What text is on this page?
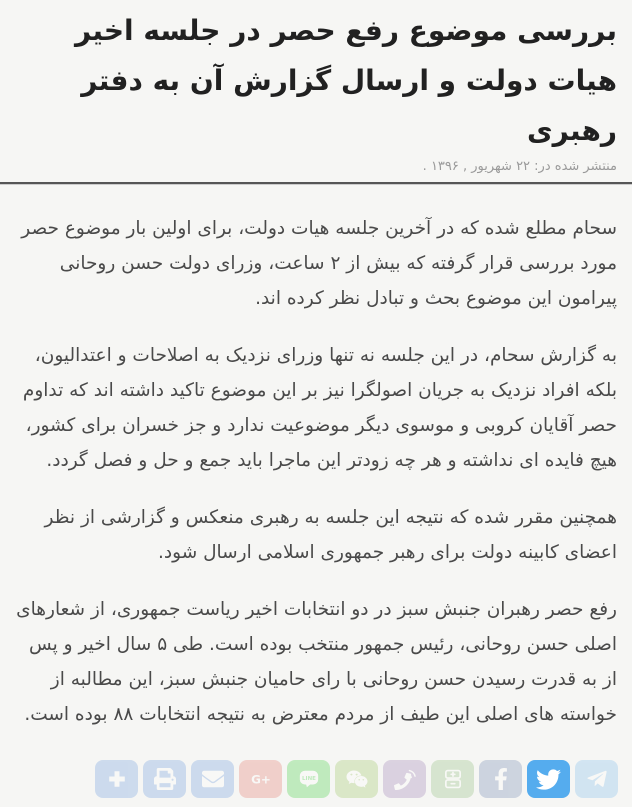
بررسی موضوع رفع حصر در جلسه اخیر هیات دولت و ارسال گزارش آن به دفتر رهبری
منتشر شده در: ۲۲ شهریور , ۱۳۹۶ .

سحام مطلع شده که در آخرین جلسه هیات دولت، برای اولین بار موضوع حصر مورد بررسی قرار گرفته که بیش از ۲ ساعت، وزرای دولت حسن روحانی پیرامون این موضوع بحث و تبادل نظر کرده اند.

به گزارش سحام، در این جلسه نه تنها وزرای نزدیک به اصلاحات و اعتدالیون، بلکه افراد نزدیک به جریان اصولگرا نیز بر این موضوع تاکید داشته اند که تداوم حصر آقایان کروبی و موسوی دیگر موضوعیت ندارد و جز خسران برای کشور، هیچ فایده ای نداشته و هر چه زودتر این ماجرا باید جمع و حل و فصل گردد.

همچنین مقرر شده که نتیجه این جلسه به رهبری منعکس و گزارشی از نظر اعضای کابینه دولت برای رهبر جمهوری اسلامی ارسال شود.

رفع حصر رهبران جنبش سبز در دو انتخابات اخیر ریاست جمهوری، از شعارهای اصلی حسن روحانی، رئیس جمهور منتخب بوده است. طی ۵ سال اخیر و پس از به قدرت رسیدن حسن روحانی با رای حامیان جنبش سبز، این مطالبه از خواسته های اصلی این طیف از مردم معترض به نتیجه انتخابات ۸۸ بوده است.

G+	LINE
